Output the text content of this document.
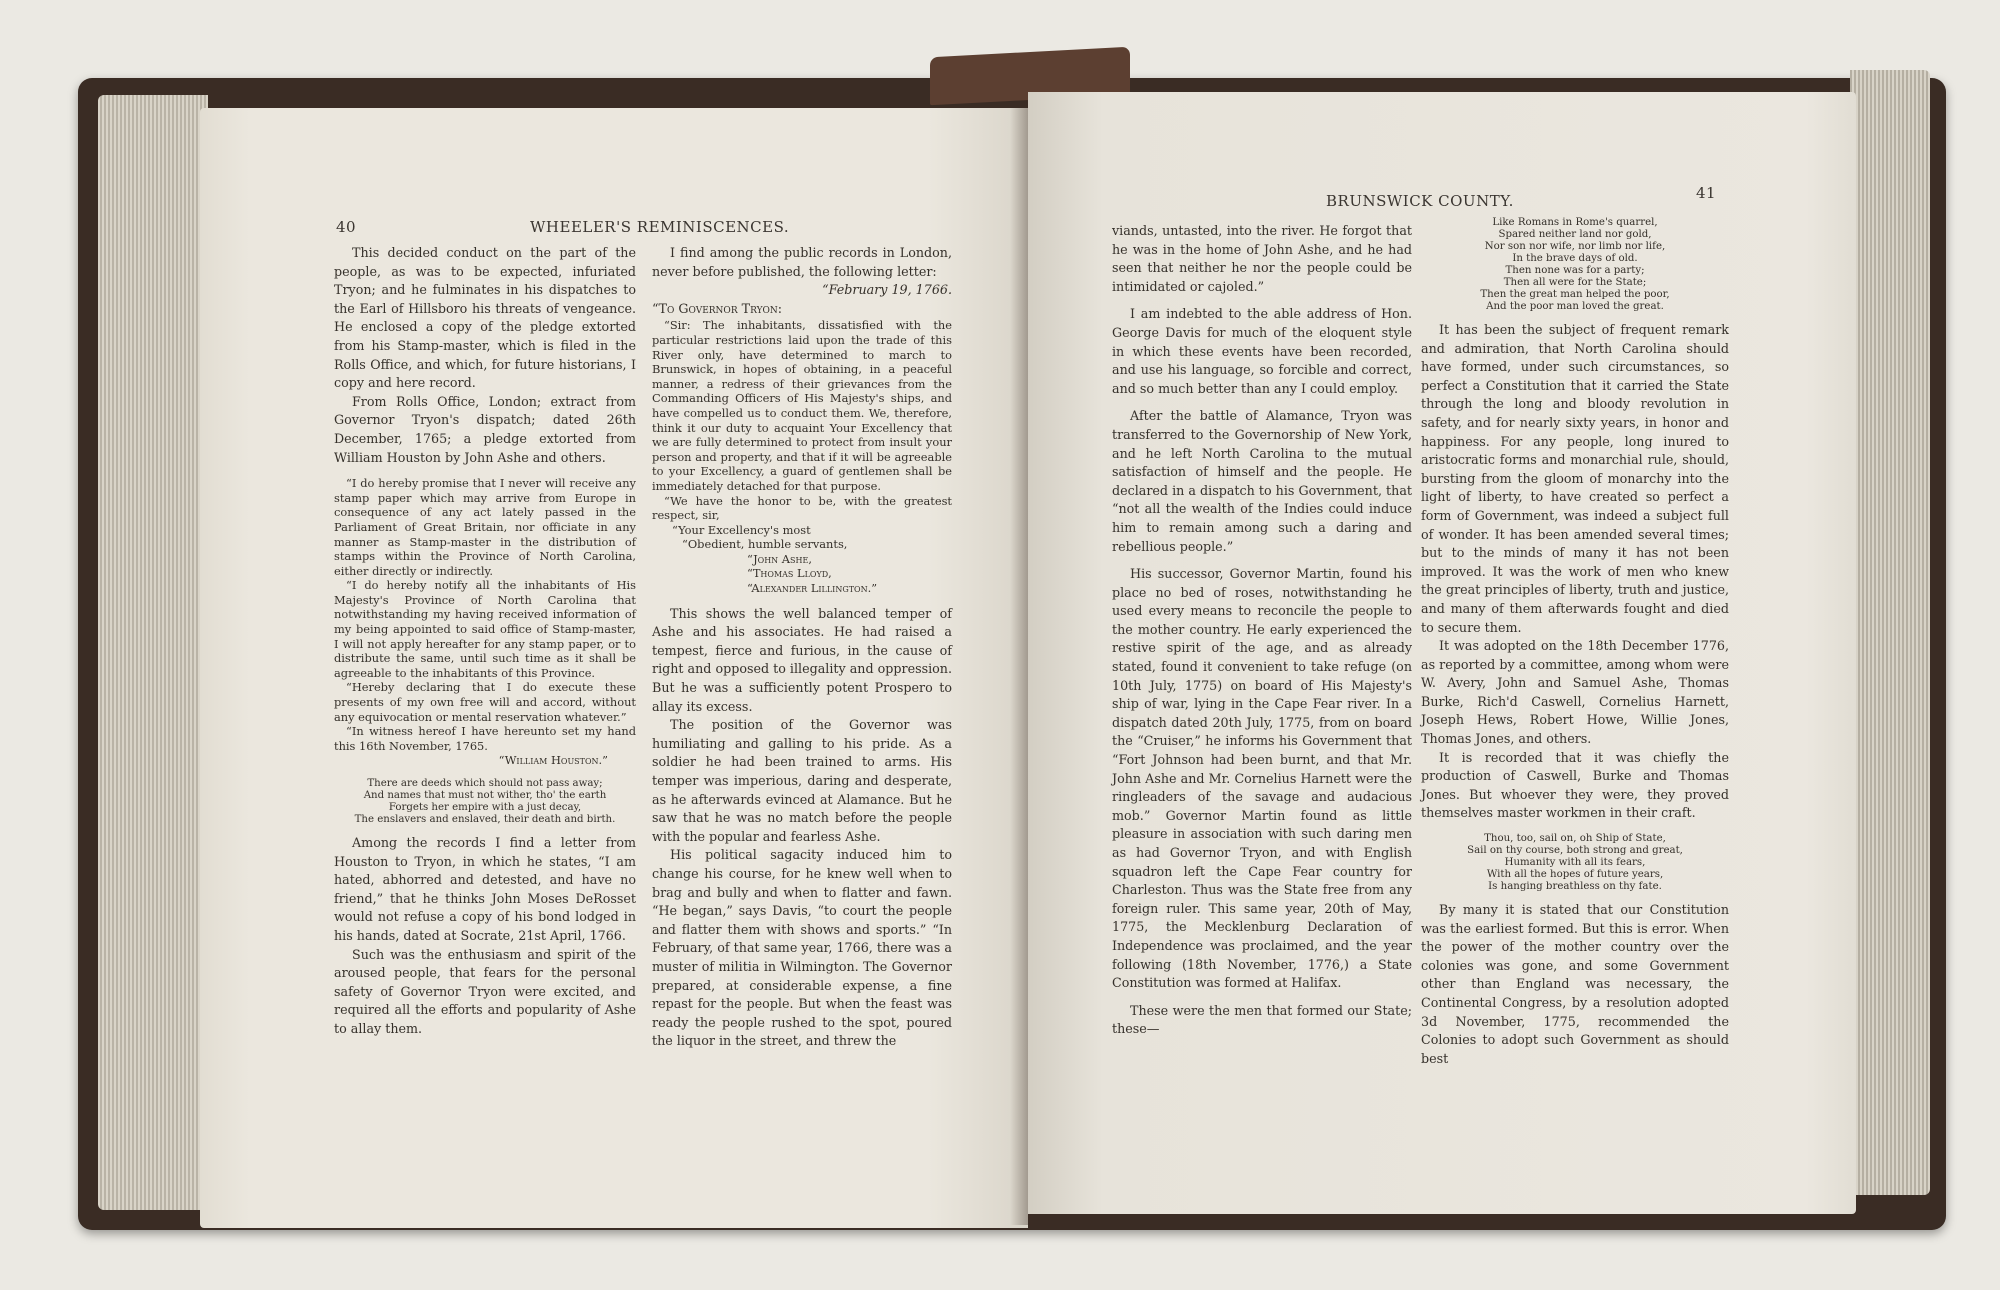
40	WHEELER'S REMINISCENCES.

This decided conduct on the part of the people, as was to be expected, infuriated Tryon; and he fulminates in his dispatches to the Earl of Hillsboro his threats of vengeance. He enclosed a copy of the pledge extorted from his Stamp-master, which is filed in the Rolls Office, and which, for future historians, I copy and here record.

From Rolls Office, London; extract from Governor Tryon's dispatch; dated 26th December, 1765; a pledge extorted from William Houston by John Ashe and others.

“I do hereby promise that I never will receive any stamp paper which may arrive from Europe in consequence of any act lately passed in the Parliament of Great Britain, nor officiate in any manner as Stamp-master in the distribution of stamps within the Province of North Carolina, either directly or indirectly.

“I do hereby notify all the inhabitants of His Majesty's Province of North Carolina that notwithstanding my having received information of my being appointed to said office of Stamp-master, I will not apply hereafter for any stamp paper, or to distribute the same, until such time as it shall be agreeable to the inhabitants of this Province.

“Hereby declaring that I do execute these presents of my own free will and accord, without any equivocation or mental reservation whatever.”

“In witness hereof I have hereunto set my hand this 16th November, 1765.

“William Houston.”

There are deeds which should not pass away;
And names that must not wither, tho' the earth
Forgets her empire with a just decay,
The enslavers and enslaved, their death and birth.

Among the records I find a letter from Houston to Tryon, in which he states, “I am hated, abhorred and detested, and have no friend,” that he thinks John Moses DeRosset would not refuse a copy of his bond lodged in his hands, dated at Socrate, 21st April, 1766.

Such was the enthusiasm and spirit of the aroused people, that fears for the personal safety of Governor Tryon were excited, and required all the efforts and popularity of Ashe to allay them.

I find among the public records in London, never before published, the following letter:

“February 19, 1766.

“To Governor Tryon:

“Sir: The inhabitants, dissatisfied with the particular restrictions laid upon the trade of this River only, have determined to march to Brunswick, in hopes of obtaining, in a peaceful manner, a redress of their grievances from the Commanding Officers of His Majesty's ships, and have compelled us to conduct them. We, therefore, think it our duty to acquaint Your Excellency that we are fully determined to protect from insult your person and property, and that if it will be agreeable to your Excellency, a guard of gentlemen shall be immediately detached for that purpose.

“We have the honor to be, with the greatest respect, sir,

“Your Excellency's most

“Obedient, humble servants,

“John Ashe,

“Thomas Lloyd,

“Alexander Lillington.”

This shows the well balanced temper of Ashe and his associates. He had raised a tempest, fierce and furious, in the cause of right and opposed to illegality and oppression. But he was a sufficiently potent Prospero to allay its excess.

The position of the Governor was humiliating and galling to his pride. As a soldier he had been trained to arms. His temper was imperious, daring and desperate, as he afterwards evinced at Alamance. But he saw that he was no match before the people with the popular and fearless Ashe.

His political sagacity induced him to change his course, for he knew well when to brag and bully and when to flatter and fawn. “He began,” says Davis, “to court the people and flatter them with shows and sports.” “In February, of that same year, 1766, there was a muster of militia in Wilmington. The Governor prepared, at considerable expense, a fine repast for the people. But when the feast was ready the people rushed to the spot, poured the liquor in the street, and threw the

BRUNSWICK COUNTY.	41

viands, untasted, into the river. He forgot that he was in the home of John Ashe, and he had seen that neither he nor the people could be intimidated or cajoled.”

I am indebted to the able address of Hon. George Davis for much of the eloquent style in which these events have been recorded, and use his language, so forcible and correct, and so much better than any I could employ.

After the battle of Alamance, Tryon was transferred to the Governorship of New York, and he left North Carolina to the mutual satisfaction of himself and the people. He declared in a dispatch to his Government, that “not all the wealth of the Indies could induce him to remain among such a daring and rebellious people.”

His successor, Governor Martin, found his place no bed of roses, notwithstanding he used every means to reconcile the people to the mother country. He early experienced the restive spirit of the age, and as already stated, found it convenient to take refuge (on 10th July, 1775) on board of His Majesty's ship of war, lying in the Cape Fear river. In a dispatch dated 20th July, 1775, from on board the “Cruiser,” he informs his Government that “Fort Johnson had been burnt, and that Mr. John Ashe and Mr. Cornelius Harnett were the ringleaders of the savage and audacious mob.” Governor Martin found as little pleasure in association with such daring men as had Governor Tryon, and with English squadron left the Cape Fear country for Charleston. Thus was the State free from any foreign ruler. This same year, 20th of May, 1775, the Mecklenburg Declaration of Independence was proclaimed, and the year following (18th November, 1776,) a State Constitution was formed at Halifax.

These were the men that formed our State; these—

Like Romans in Rome's quarrel,
Spared neither land nor gold,
Nor son nor wife, nor limb nor life,
In the brave days of old.
Then none was for a party;
Then all were for the State;
Then the great man helped the poor,
And the poor man loved the great.

It has been the subject of frequent remark and admiration, that North Carolina should have formed, under such circumstances, so perfect a Constitution that it carried the State through the long and bloody revolution in safety, and for nearly sixty years, in honor and happiness. For any people, long inured to aristocratic forms and monarchial rule, should, bursting from the gloom of monarchy into the light of liberty, to have created so perfect a form of Government, was indeed a subject full of wonder. It has been amended several times; but to the minds of many it has not been improved. It was the work of men who knew the great principles of liberty, truth and justice, and many of them afterwards fought and died to secure them.

It was adopted on the 18th December 1776, as reported by a committee, among whom were W. Avery, John and Samuel Ashe, Thomas Burke, Rich'd Caswell, Cornelius Harnett, Joseph Hews, Robert Howe, Willie Jones, Thomas Jones, and others.

It is recorded that it was chiefly the production of Caswell, Burke and Thomas Jones. But whoever they were, they proved themselves master workmen in their craft.

Thou, too, sail on, oh Ship of State,
Sail on thy course, both strong and great,
Humanity with all its fears,
With all the hopes of future years,
Is hanging breathless on thy fate.

By many it is stated that our Constitution was the earliest formed. But this is error. When the power of the mother country over the colonies was gone, and some Government other than England was necessary, the Continental Congress, by a resolution adopted 3d November, 1775, recommended the Colonies to adopt such Government as should best
